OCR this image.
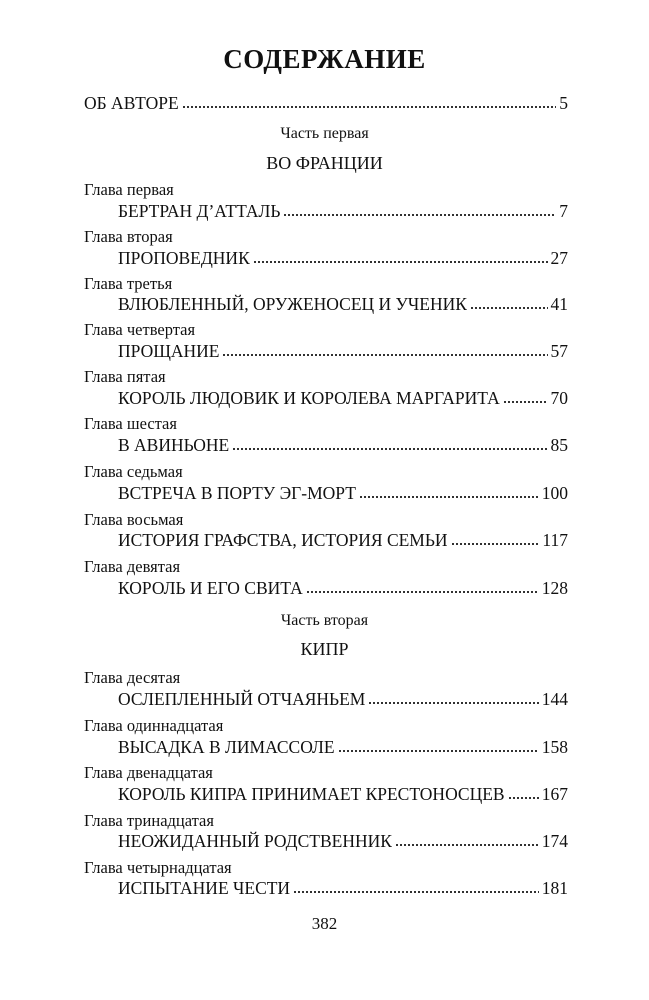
СОДЕРЖАНИЕ
ОБ АВТОРЕ	5
Часть первая
ВО ФРАНЦИИ
Глава первая
БЕРТРАН Д’АТТАЛЬ	7
Глава вторая
ПРОПОВЕДНИК	27
Глава третья
ВЛЮБЛЕННЫЙ, ОРУЖЕНОСЕЦ И УЧЕНИК	41
Глава четвертая
ПРОЩАНИЕ	57
Глава пятая
КОРОЛЬ ЛЮДОВИК И КОРОЛЕВА МАРГАРИТА	70
Глава шестая
В АВИНЬОНЕ	85
Глава седьмая
ВСТРЕЧА В ПОРТУ ЭГ-МОРТ	100
Глава восьмая
ИСТОРИЯ ГРАФСТВА, ИСТОРИЯ СЕМЬИ	117
Глава девятая
КОРОЛЬ И ЕГО СВИТА	128
Часть вторая
КИПР
Глава десятая
ОСЛЕПЛЕННЫЙ ОТЧАЯНЬЕМ	144
Глава одиннадцатая
ВЫСАДКА В ЛИМАССОЛЕ	158
Глава двенадцатая
КОРОЛЬ КИПРА ПРИНИМАЕТ КРЕСТОНОСЦЕВ 167
Глава тринадцатая
НЕОЖИДАННЫЙ РОДСТВЕННИК	174
Глава четырнадцатая
ИСПЫТАНИЕ ЧЕСТИ	181
382
